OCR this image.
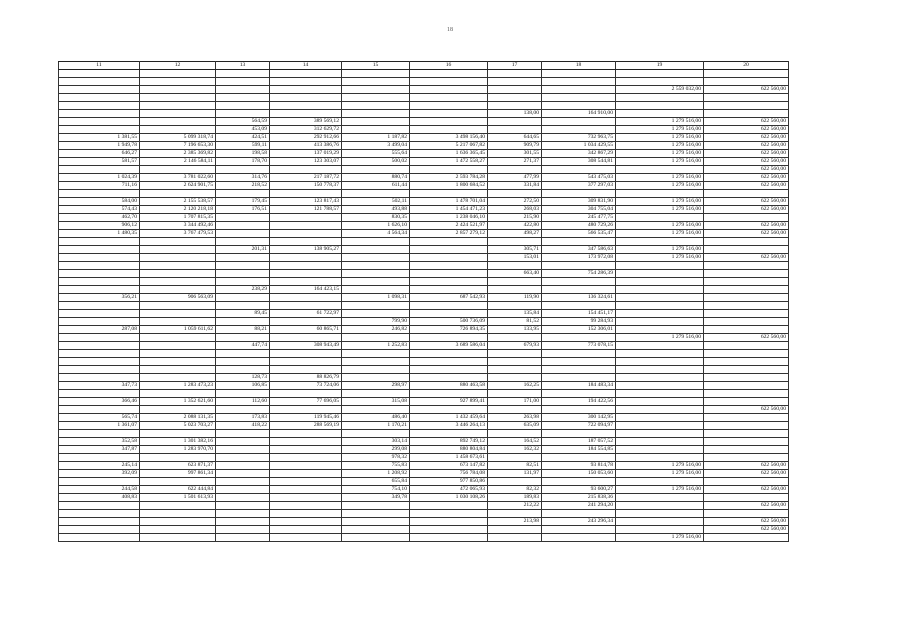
18
11	12	13	14	15	16	17	18	19	20

								2 559 032,00	622 560,00

						138,00	164 910,00		
		564,59	389 569,12					1 279 516,00	622 560,00
		453,09	312 629,72					1 279 516,00	622 560,00
1 381,55	5 099 318,74	424,51	292 912,66	1 187,82	3 498 156,40	644,65	732 963,75	1 279 516,00	622 560,00
1 949,78	7 196 653,30	599,11	413 386,76	3 499,04	5 217 067,82	909,79	1 034 429,55	1 279 516,00	622 560,00
646,27	2 385 369,82	198,58	137 019,29	555,64	1 636 365,45	301,55	342 867,29	1 279 516,00	622 560,00
581,57	2 146 584,11	178,70	123 303,07	500,02	1 472 558,27	271,37	308 544,81	1 279 516,00	622 560,00
									622 560,00
1 024,39	3 781 022,60	314,76	217 187,72	880,74	2 593 784,28	477,99	543 475,03	1 279 516,00	622 560,00
711,16	2 624 901,75	218,52	150 778,37	611,44	1 800 684,52	331,84	377 297,03	1 279 516,00	622 560,00

584,00	2 155 538,57	179,45	123 817,43	502,11	1 478 701,04	272,50	309 831,90	1 279 516,00	622 560,00
574,43	2 120 218,18	176,51	121 788,57	493,88	1 454 471,23	268,03	304 755,04	1 279 516,00	622 560,00
462,70	1 707 815,35			830,35	1 238 046,10	215,90	245 477,75		
906,12	3 344 492,46			1 626,10	2 424 521,97	422,80	480 729,26	1 279 516,00	622 560,00
1 480,35	3 767 479,53			4 564,34	2 857 279,12	498,27	566 535,47	1 279 516,00	622 560,00

		201,31	138 905,27			305,71	347 586,63	1 279 516,00	
						153,01	173 972,08	1 279 516,00	622 560,00

						663,40	754 286,39		

		238,29	164 423,15						
356,21	906 563,09			1 098,31	687 542,93	119,90	136 324,61		

		89,45	61 722,97			135,84	154 451,17		
				799,90	500 736,09	81,52	99 284,93		
287,08	1 059 611,62	88,21	60 865,71	246,82	726 894,35	133,95	152 306,01		
								1 279 516,00	622 560,00
		447,74	308 943,49	1 252,83	3 689 586,04	679,93	773 078,15		

		128,73	88 826,79						
347,73	1 283 473,23	106,85	73 724,06	298,97	880 463,58	162,25	184 483,34		

366,46	1 352 621,60	112,60	77 696,05	315,08	927 899,41	171,00	194 422,56		
									622 560,00
565,74	2 088 131,35	173,83	119 945,46	486,40	1 432 459,64	263,98	300 142,95		
1 361,07	5 023 703,27	418,22	288 569,19	1 170,21	3 446 264,13	635,09	722 094,97		

352,58	1 301 382,16			303,14	892 749,12	164,52	187 057,52		
347,87	1 283 970,70			299,08	880 804,84	162,32	184 554,85		
				978,32	1 458 673,61				
245,14	623 871,37			755,83	673 147,82	82,51	93 814,78	1 279 516,00	622 560,00
392,09	997 861,34			1 208,92	756 784,08	131,97	150 053,60	1 279 516,00	622 560,00
				655,84	977 850,86				
244,58	622 444,84			754,10	472 065,93	82,32	93 600,27	1 279 516,00	622 560,00
408,83	1 501 613,93			349,78	1 030 108,26	189,83	215 838,36		
						212,22	241 294,20		622 560,00

						213,98	243 296,34		622 560,00
									622 560,00
								1 279 516,00	
